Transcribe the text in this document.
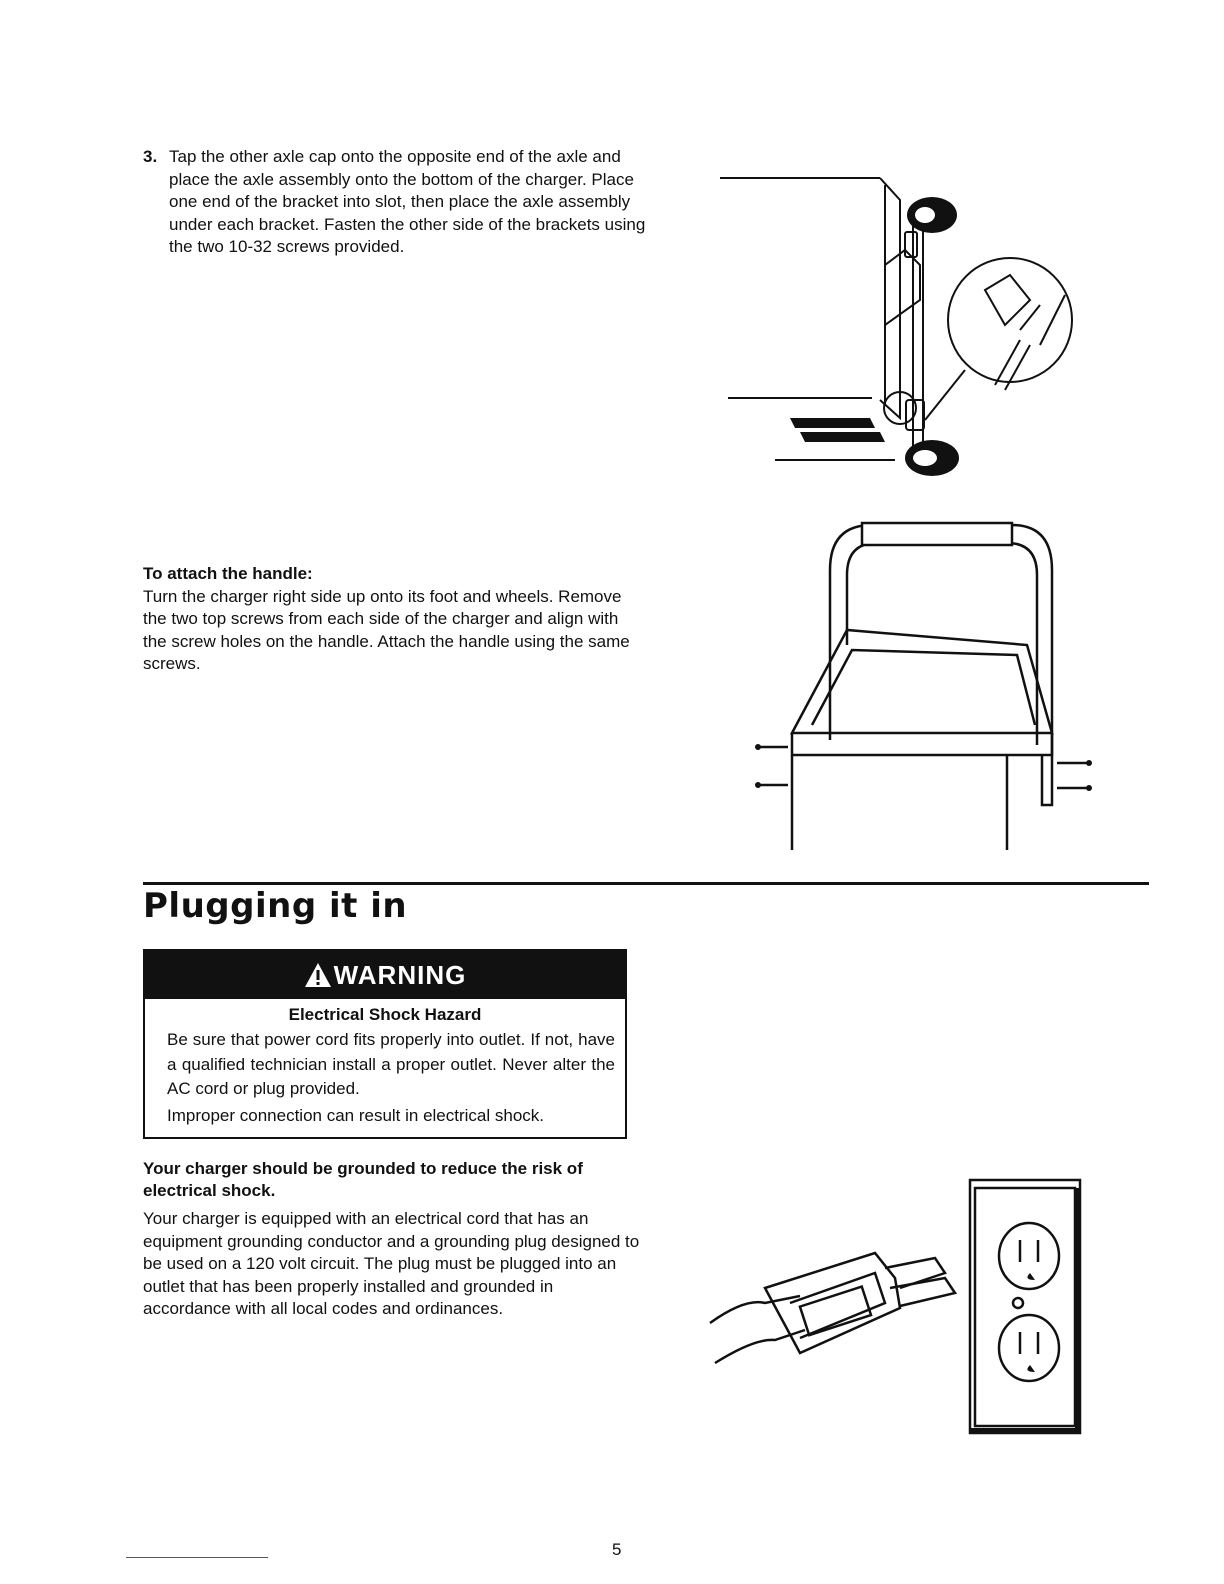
3. Tap the other axle cap onto the opposite end of the axle and place the axle assembly onto the bottom of the charger. Place one end of the bracket into slot, then place the axle assembly under each bracket. Fasten the other side of the brackets using the two 10-32 screws provided.

To attach the handle:

Turn the charger right side up onto its foot and wheels. Remove the two top screws from each side of the charger and align with the screw holes on the handle. Attach the handle using the same screws.

Plugging it in
WARNING
Electrical Shock Hazard

Be sure that power cord fits properly into outlet. If not, have a qualified technician install a proper outlet. Never alter the AC cord or plug provided.

Improper connection can result in electrical shock.

Your charger should be grounded to reduce the risk of electrical shock.

Your charger is equipped with an electrical cord that has an equipment grounding conductor and a grounding plug designed to be used on a 120 volt circuit. The plug must be plugged into an outlet that has been properly installed and grounded in accordance with all local codes and ordinances.

5
